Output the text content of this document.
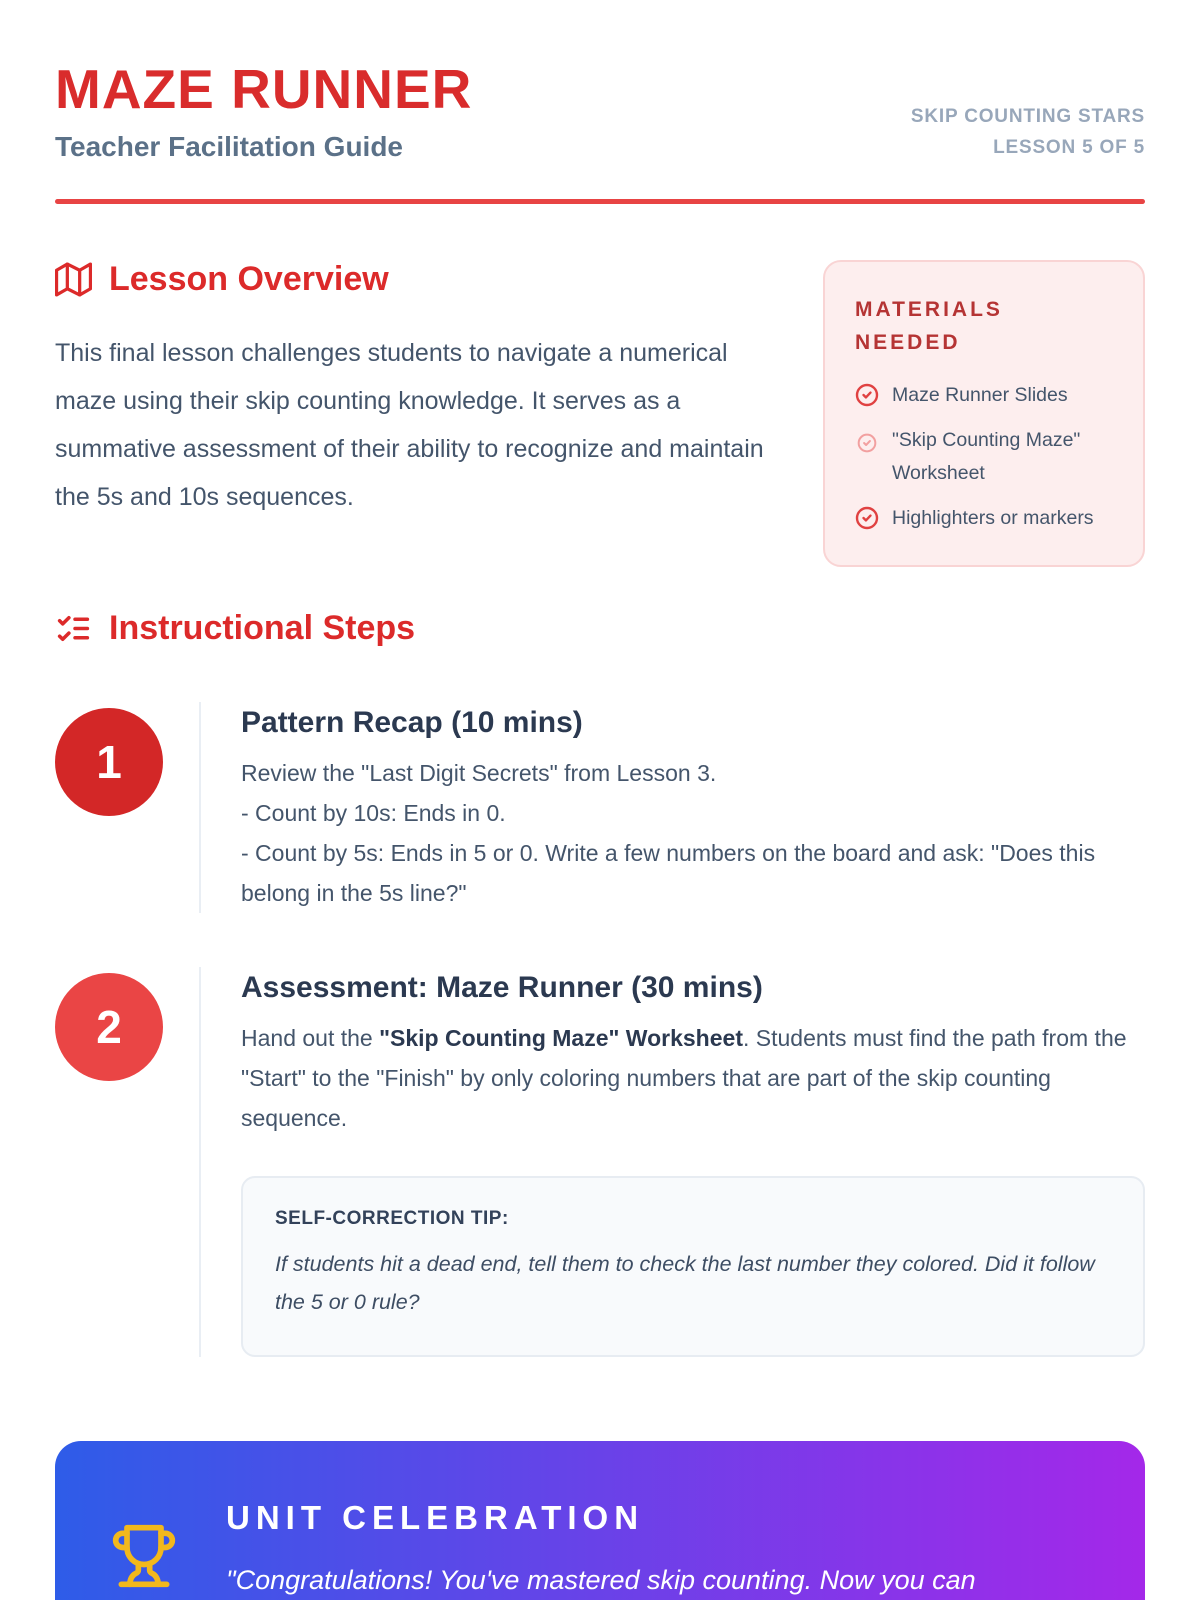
MAZE RUNNER
Teacher Facilitation Guide
SKIP COUNTING STARS
LESSON 5 OF 5
Lesson Overview

This final lesson challenges students to navigate a numerical maze using their skip counting knowledge. It serves as a summative assessment of their ability to recognize and maintain the 5s and 10s sequences.

MATERIALS NEEDED
Maze Runner Slides
"Skip Counting Maze" Worksheet
Highlighters or markers
Instructional Steps
1
Pattern Recap (10 mins)
Review the "Last Digit Secrets" from Lesson 3.
- Count by 10s: Ends in 0.
- Count by 5s: Ends in 5 or 0. Write a few numbers on the board and ask: "Does this belong in the 5s line?"
2
Assessment: Maze Runner (30 mins)
Hand out the "Skip Counting Maze" Worksheet. Students must find the path from the "Start" to the "Finish" by only coloring numbers that are part of the skip counting sequence.
SELF-CORRECTION TIP:
If students hit a dead end, tell them to check the last number they colored. Did it follow the 5 or 0 rule?
UNIT CELEBRATION
"Congratulations! You've mastered skip counting. Now you can
